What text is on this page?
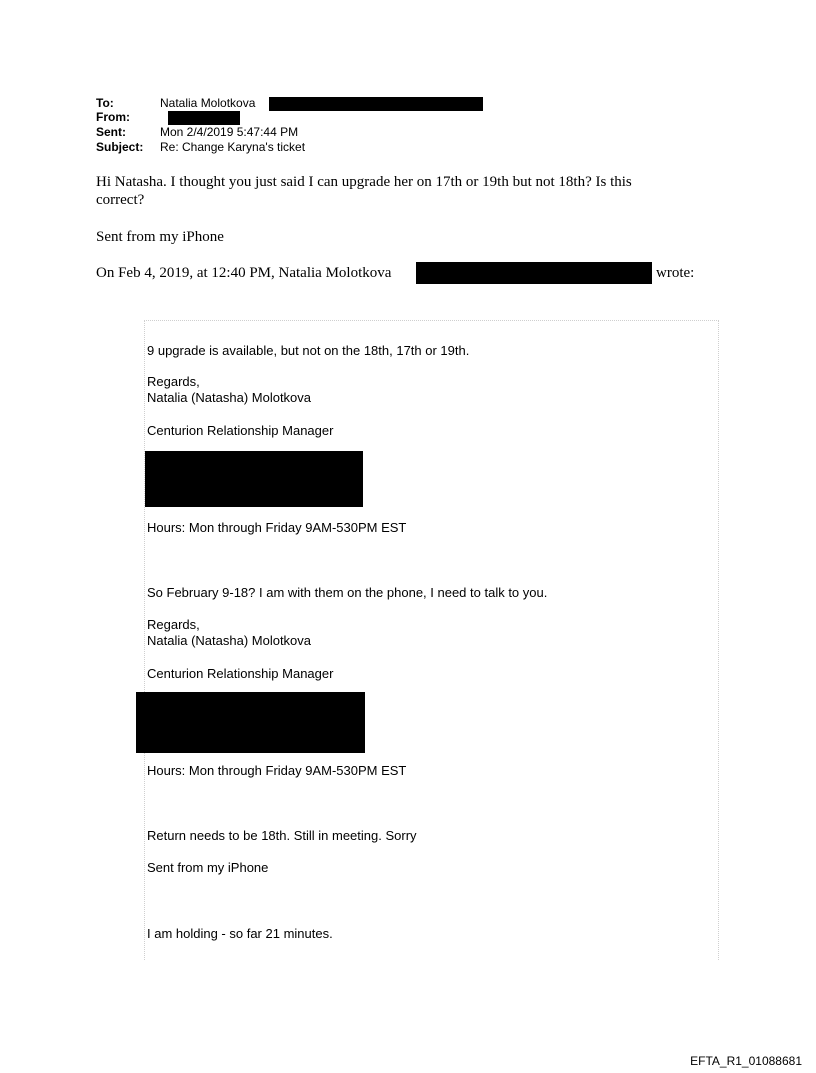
To:	Natalia Molotkova
From:
Sent:	Mon 2/4/2019 5:47:44 PM
Subject: Re: Change Karyna's ticket
Hi Natasha. I thought you just said I can upgrade her on 17th or 19th but not 18th? Is this
correct?
Sent from my iPhone
On Feb 4, 2019, at 12:40 PM, Natalia Molotkova	wrote:
9 upgrade is available, but not on the 18th, 17th or 19th.
Regards,
Natalia (Natasha) Molotkova
Centurion Relationship Manager
Hours: Mon through Friday 9AM-530PM EST
So February 9-18? I am with them on the phone, I need to talk to you.
Regards,
Natalia (Natasha) Molotkova
Centurion Relationship Manager
Hours: Mon through Friday 9AM-530PM EST
Return needs to be 18th. Still in meeting. Sorry
Sent from my iPhone
I am holding - so far 21 minutes.
EFTA_R1_01088681
